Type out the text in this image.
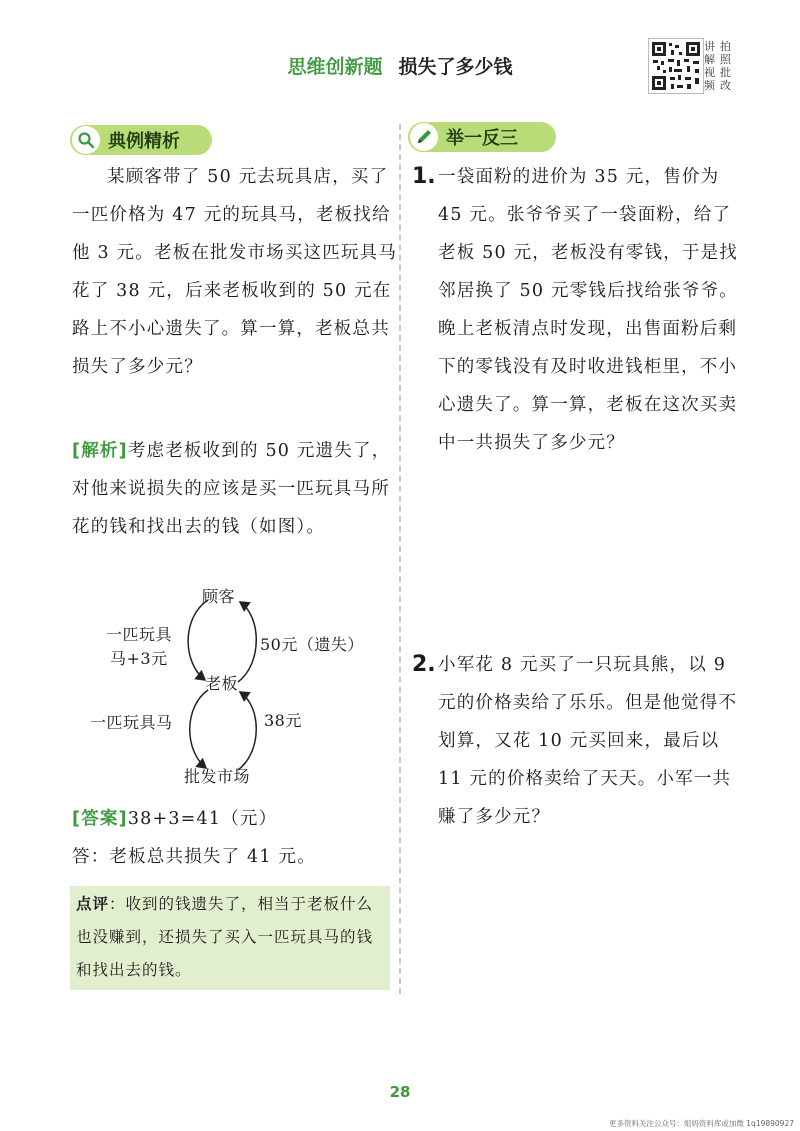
思维创新题 损失了多少钱
讲解视频
拍照批改
典例精析	举一反三
某顾客带了 50 元去玩具店，买了一匹价格为 47 元的玩具马，老板找给他 3 元。老板在批发市场买这匹玩具马花了 38 元，后来老板收到的 50 元在路上不小心遗失了。算一算，老板总共损失了多少元？
[解析]考虑老板收到的 50 元遗失了，对他来说损失的应该是买一匹玩具马所花的钱和找出去的钱（如图）。
顾客
一匹玩具
马+3元
50元（遗失）
老板
一匹玩具马	38元
批发市场
[答案]38+3=41（元）
答：老板总共损失了 41 元。
点评：收到的钱遗失了，相当于老板什么也没赚到，还损失了买入一匹玩具马的钱和找出去的钱。
1. 一袋面粉的进价为 35 元，售价为 45 元。张爷爷买了一袋面粉，给了老板 50 元，老板没有零钱，于是找邻居换了 50 元零钱后找给张爷爷。晚上老板清点时发现，出售面粉后剩下的零钱没有及时收进钱柜里，不小心遗失了。算一算，老板在这次买卖中一共损失了多少元？
2. 小军花 8 元买了一只玩具熊，以 9 元的价格卖给了乐乐。但是他觉得不划算，又花 10 元买回来，最后以 11 元的价格卖给了天天。小军一共赚了多少元？
28
更多资料关注公众号：姐妈资料库或加微 1q19890927
